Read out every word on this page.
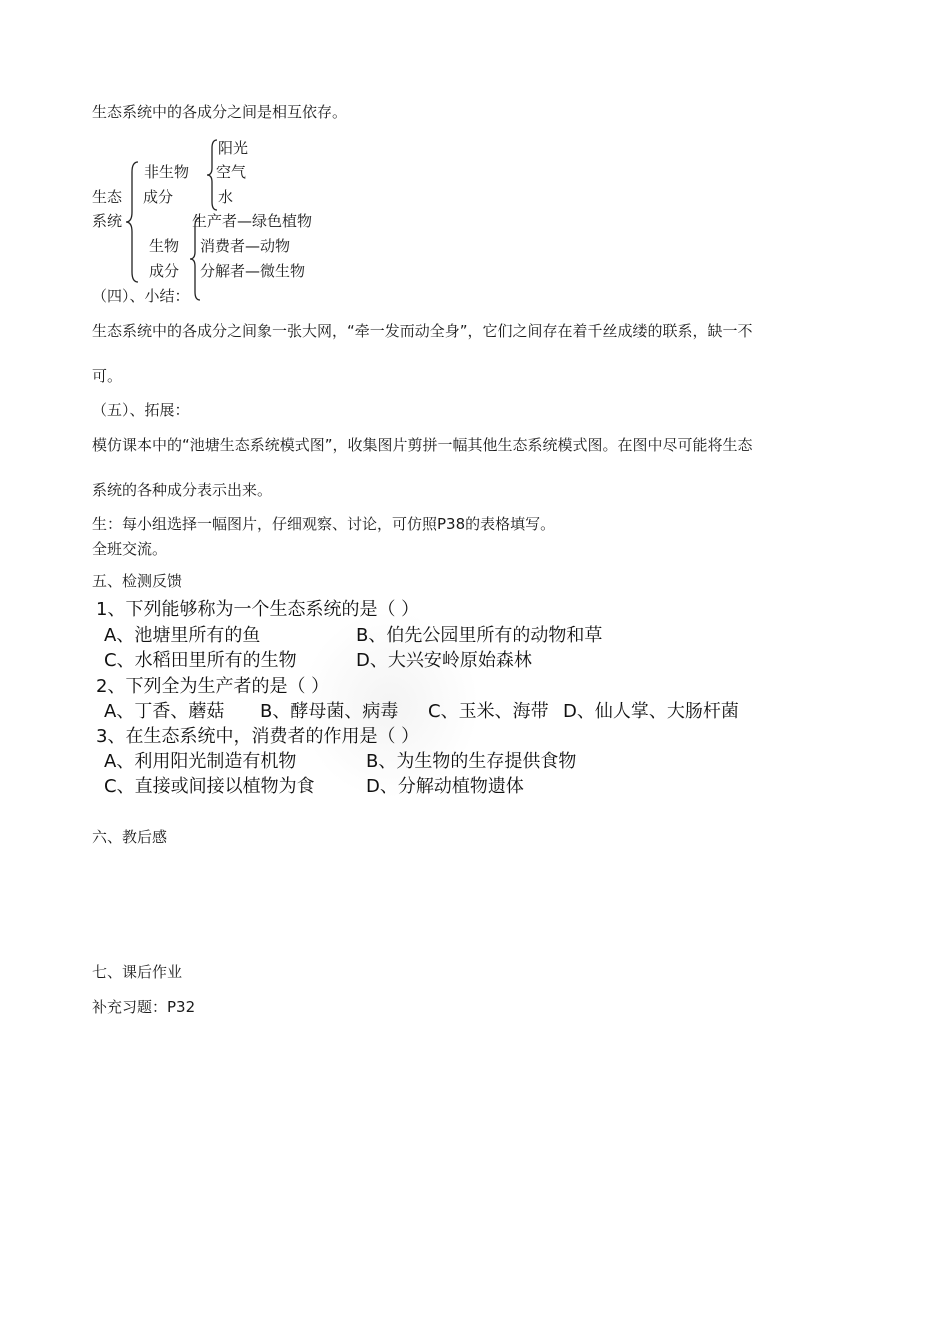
生态系统中的各成分之间是相互依存。
阳光
非生物 空气
生态 成分	水
系统	生产者—绿色植物
生物 消费者—动物
成分 分解者—微生物
（四）、小结：
生态系统中的各成分之间象一张大网，“牵一发而动全身”，它们之间存在着千丝成缕的联系，缺一不
可。
（五）、拓展：
模仿课本中的“池塘生态系统模式图”，收集图片剪拼一幅其他生态系统模式图。在图中尽可能将生态
系统的各种成分表示出来。
生：每小组选择一幅图片，仔细观察、讨论，可仿照P38的表格填写。
全班交流。
五、检测反馈
1、下列能够称为一个生态系统的是（ ）
A、池塘里所有的鱼	B、伯先公园里所有的动物和草
C、水稻田里所有的生物	D、大兴安岭原始森林
2、下列全为生产者的是（ ）
A、丁香、蘑菇 B、酵母菌、病毒 C、玉米、海带 D、仙人掌、大肠杆菌
3、在生态系统中，消费者的作用是（ ）
A、利用阳光制造有机物	B、为生物的生存提供食物
C、直接或间接以植物为食	D、分解动植物遗体
六、教后感
七、课后作业
补充习题：P32
